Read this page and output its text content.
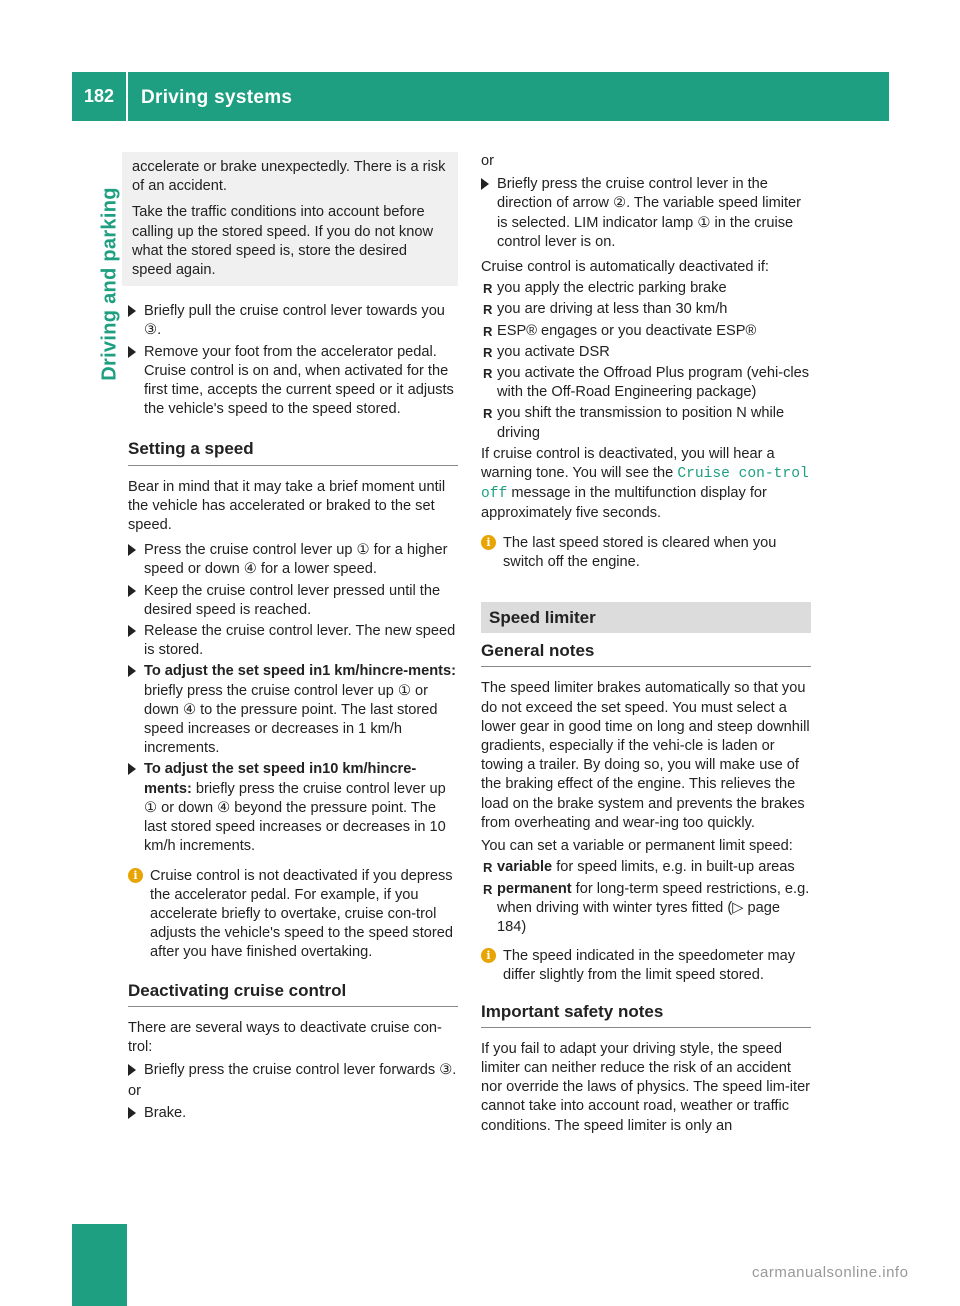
182	Driving systems
Driving and parking

accelerate or brake unexpectedly. There is a risk of an accident.

Take the traffic conditions into account before calling up the stored speed. If you do not know what the stored speed is, store the desired speed again.

Briefly pull the cruise control lever towards you ③.
Remove your foot from the accelerator pedal. Cruise control is on and, when activated for the first time, accepts the current speed or it adjusts the vehicle's speed to the speed stored.
Setting a speed

Bear in mind that it may take a brief moment until the vehicle has accelerated or braked to the set speed.

Press the cruise control lever up ① for a higher speed or down ④ for a lower speed.
Keep the cruise control lever pressed until the desired speed is reached.
Release the cruise control lever. The new speed is stored.
To adjust the set speed in1 km/hincre-ments: briefly press the cruise control lever up ① or down ④ to the pressure point. The last stored speed increases or decreases in 1 km/h increments.
To adjust the set speed in10 km/hincre-ments: briefly press the cruise control lever up ① or down ④ beyond the pressure point. The last stored speed increases or decreases in 10 km/h increments.
i Cruise control is not deactivated if you depress the accelerator pedal. For example, if you accelerate briefly to overtake, cruise con-trol adjusts the vehicle's speed to the speed stored after you have finished overtaking.
Deactivating cruise control

There are several ways to deactivate cruise con-trol:

Briefly press the cruise control lever forwards ③.

or

Brake.

or

Briefly press the cruise control lever in the direction of arrow ②. The variable speed limiter is selected. LIM indicator lamp ① in the cruise control lever is on.

Cruise control is automatically deactivated if:

R you apply the electric parking brake
R you are driving at less than 30 km/h
R ESP® engages or you deactivate ESP®
R you activate DSR
R you activate the Offroad Plus program (vehi-cles with the Off-Road Engineering package)
R you shift the transmission to position N while driving

If cruise control is deactivated, you will hear a warning tone. You will see the Cruise con-trol off message in the multifunction display for approximately five seconds.

i The last speed stored is cleared when you switch off the engine.
Speed limiter
General notes

The speed limiter brakes automatically so that you do not exceed the set speed. You must select a lower gear in good time on long and steep downhill gradients, especially if the vehi-cle is laden or towing a trailer. By doing so, you will make use of the braking effect of the engine. This relieves the load on the brake system and prevents the brakes from overheating and wear-ing too quickly.

You can set a variable or permanent limit speed:

R variable for speed limits, e.g. in built-up areas
R permanent for long-term speed restrictions, e.g. when driving with winter tyres fitted (▷ page 184)
i The speed indicated in the speedometer may differ slightly from the limit speed stored.
Important safety notes

If you fail to adapt your driving style, the speed limiter can neither reduce the risk of an accident nor override the laws of physics. The speed lim-iter cannot take into account road, weather or traffic conditions. The speed limiter is only an

carmanualsonline.info
